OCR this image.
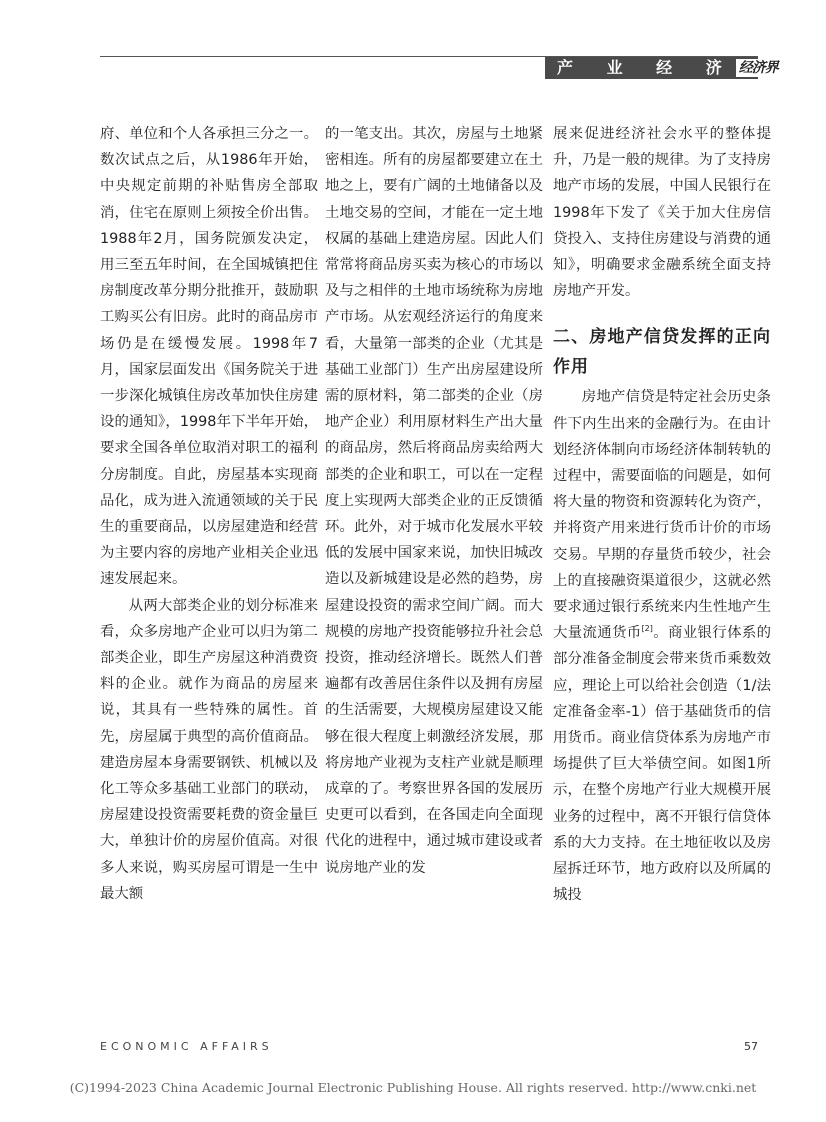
产 业 经 济 经济界

府、单位和个人各承担三分之一。数次试点之后，从1986年开始，中央规定前期的补贴售房全部取消，住宅在原则上须按全价出售。1988年2月，国务院颁发决定，用三至五年时间，在全国城镇把住房制度改革分期分批推开，鼓励职工购买公有旧房。此时的商品房市场仍是在缓慢发展。1998年7月，国家层面发出《国务院关于进一步深化城镇住房改革加快住房建设的通知》，1998年下半年开始，要求全国各单位取消对职工的福利分房制度。自此，房屋基本实现商品化，成为进入流通领域的关于民生的重要商品，以房屋建造和经营为主要内容的房地产业相关企业迅速发展起来。

从两大部类企业的划分标准来看，众多房地产企业可以归为第二部类企业，即生产房屋这种消费资料的企业。就作为商品的房屋来说，其具有一些特殊的属性。首先，房屋属于典型的高价值商品。建造房屋本身需要钢铁、机械以及化工等众多基础工业部门的联动，房屋建设投资需要耗费的资金量巨大，单独计价的房屋价值高。对很多人来说，购买房屋可谓是一生中最大额

的一笔支出。其次，房屋与土地紧密相连。所有的房屋都要建立在土地之上，要有广阔的土地储备以及土地交易的空间，才能在一定土地权属的基础上建造房屋。因此人们常常将商品房买卖为核心的市场以及与之相伴的土地市场统称为房地产市场。从宏观经济运行的角度来看，大量第一部类的企业（尤其是基础工业部门）生产出房屋建设所需的原材料，第二部类的企业（房地产企业）利用原材料生产出大量的商品房，然后将商品房卖给两大部类的企业和职工，可以在一定程度上实现两大部类企业的正反馈循环。此外，对于城市化发展水平较低的发展中国家来说，加快旧城改造以及新城建设是必然的趋势，房屋建设投资的需求空间广阔。而大规模的房地产投资能够拉升社会总投资，推动经济增长。既然人们普遍都有改善居住条件以及拥有房屋的生活需要，大规模房屋建设又能够在很大程度上刺激经济发展，那将房地产业视为支柱产业就是顺理成章的了。考察世界各国的发展历史更可以看到，在各国走向全面现代化的进程中，通过城市建设或者说房地产业的发

展来促进经济社会水平的整体提升，乃是一般的规律。为了支持房地产市场的发展，中国人民银行在1998年下发了《关于加大住房信贷投入、支持住房建设与消费的通知》，明确要求金融系统全面支持房地产开发。

二、房地产信贷发挥的正向作用

房地产信贷是特定社会历史条件下内生出来的金融行为。在由计划经济体制向市场经济体制转轨的过程中，需要面临的问题是，如何将大量的物资和资源转化为资产，并将资产用来进行货币计价的市场交易。早期的存量货币较少，社会上的直接融资渠道很少，这就必然要求通过银行系统来内生性地产生大量流通货币[2]。商业银行体系的部分准备金制度会带来货币乘数效应，理论上可以给社会创造（1/法定准备金率-1）倍于基础货币的信用货币。商业信贷体系为房地产市场提供了巨大举债空间。如图1所示，在整个房地产行业大规模开展业务的过程中，离不开银行信贷体系的大力支持。在土地征收以及房屋拆迁环节，地方政府以及所属的城投

ECONOMIC AFFAIRS	57
(C)1994-2023 China Academic Journal Electronic Publishing House. All rights reserved. http://www.cnki.net
